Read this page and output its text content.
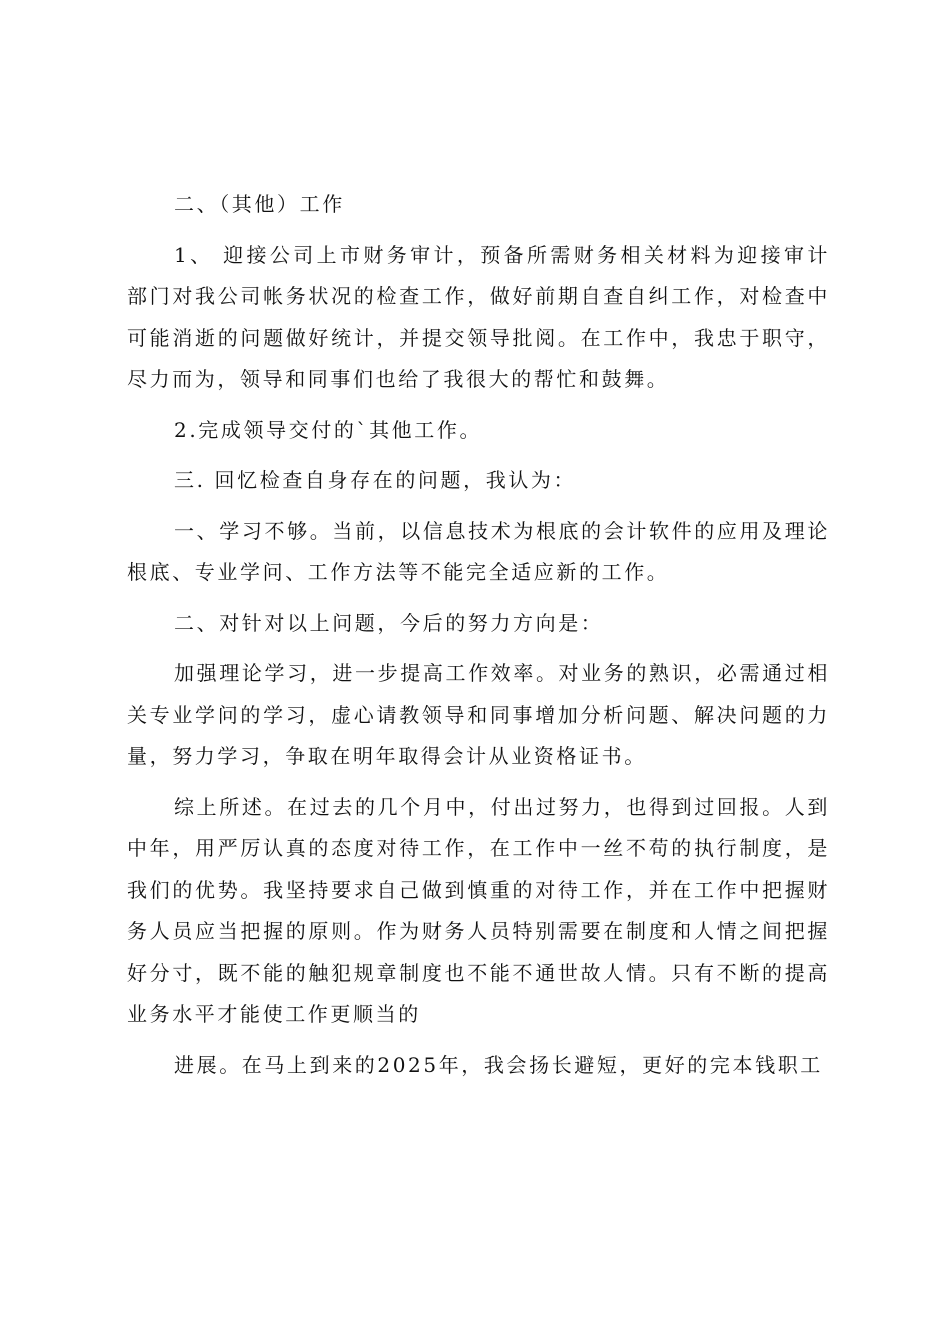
二、（其他）工作

1、 迎接公司上市财务审计，预备所需财务相关材料为迎接审计部门对我公司帐务状况的检查工作，做好前期自查自纠工作，对检查中可能消逝的问题做好统计，并提交领导批阅。在工作中，我忠于职守，尽力而为，领导和同事们也给了我很大的帮忙和鼓舞。

2.完成领导交付的`其他工作。

三. 回忆检查自身存在的问题，我认为：

一、学习不够。当前，以信息技术为根底的会计软件的应用及理论根底、专业学问、工作方法等不能完全适应新的工作。

二、对针对以上问题，今后的努力方向是：

加强理论学习，进一步提高工作效率。对业务的熟识，必需通过相关专业学问的学习，虚心请教领导和同事增加分析问题、解决问题的力量，努力学习，争取在明年取得会计从业资格证书。

综上所述。在过去的几个月中，付出过努力，也得到过回报。人到中年，用严厉认真的态度对待工作，在工作中一丝不苟的执行制度，是我们的优势。我坚持要求自己做到慎重的对待工作，并在工作中把握财务人员应当把握的原则。作为财务人员特别需要在制度和人情之间把握好分寸，既不能的触犯规章制度也不能不通世故人情。只有不断的提高业务水平才能使工作更顺当的

进展。在马上到来的2025年，我会扬长避短，更好的完本钱职工
